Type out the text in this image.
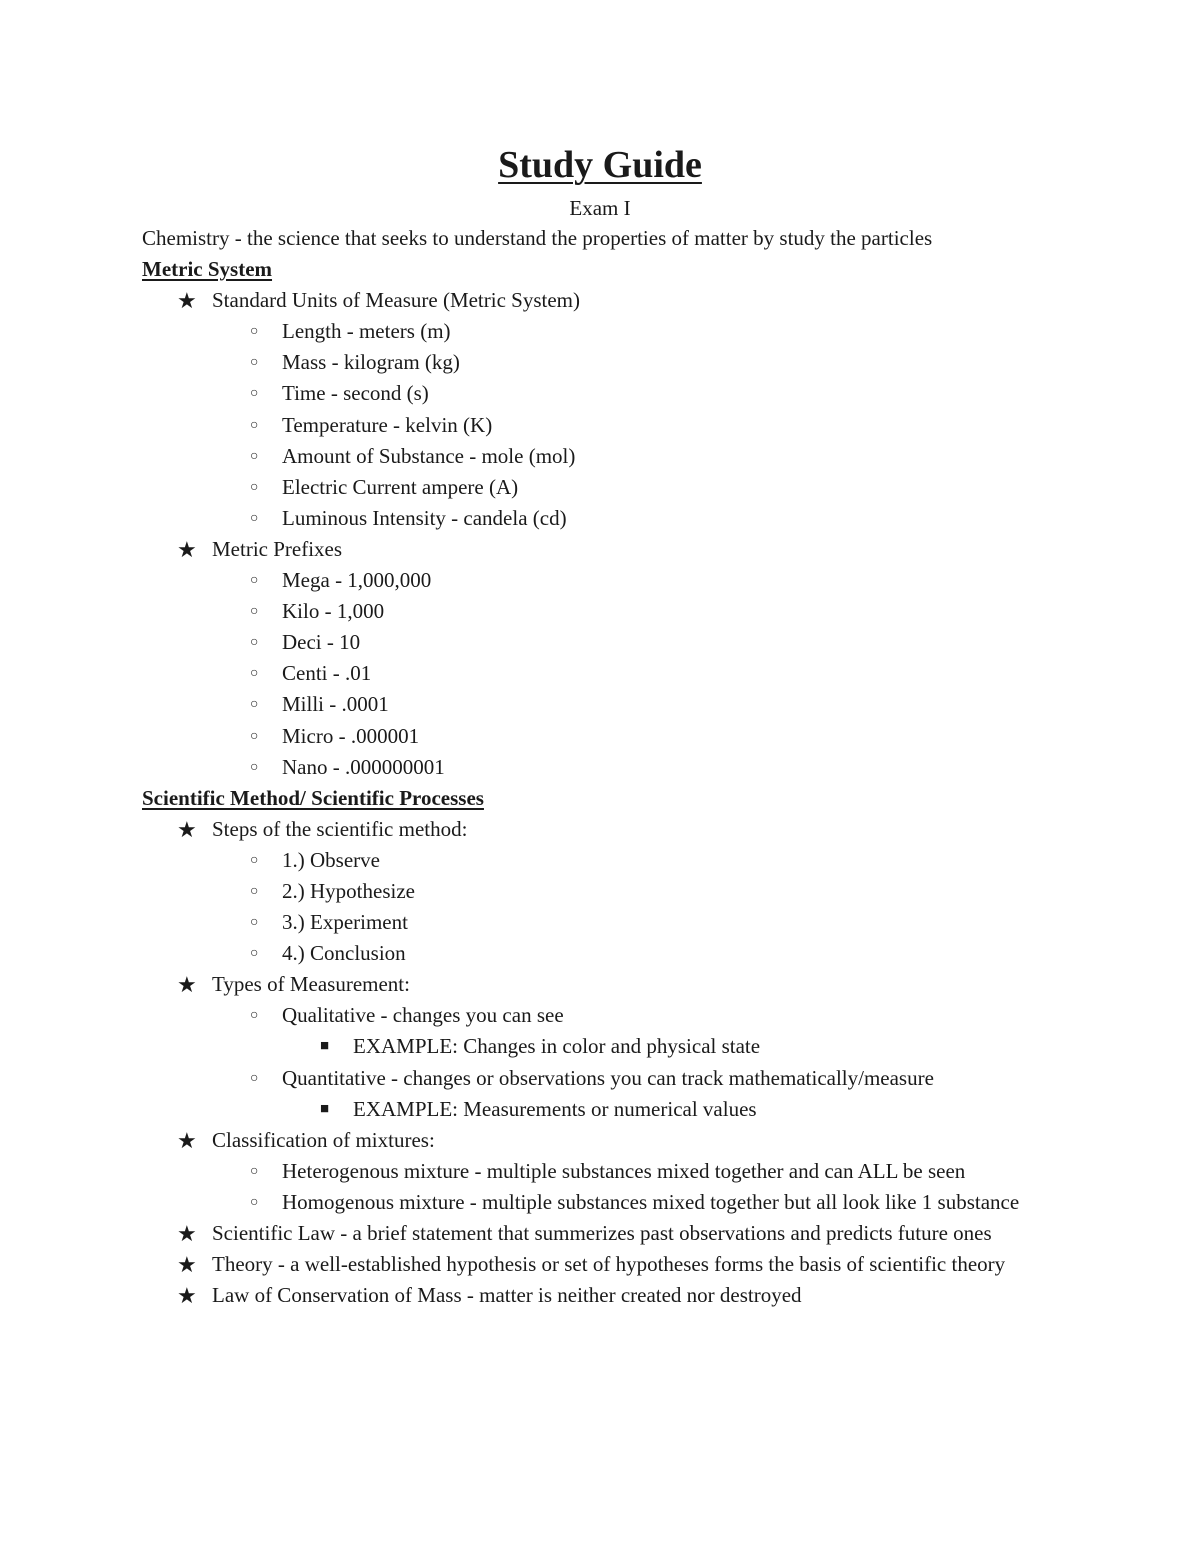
Study Guide
Exam I
Chemistry - the science that seeks to understand the properties of matter by study the particles
Metric System
★ Standard Units of Measure (Metric System)
○ Length - meters (m)
○ Mass - kilogram (kg)
○ Time - second (s)
○ Temperature - kelvin (K)
○ Amount of Substance - mole (mol)
○ Electric Current ampere (A)
○ Luminous Intensity - candela (cd)
★ Metric Prefixes
○ Mega - 1,000,000
○ Kilo - 1,000
○ Deci - 10
○ Centi - .01
○ Milli - .0001
○ Micro - .000001
○ Nano - .000000001
Scientific Method/ Scientific Processes
★ Steps of the scientific method:
○ 1.) Observe
○ 2.) Hypothesize
○ 3.) Experiment
○ 4.) Conclusion
★ Types of Measurement:
○ Qualitative - changes you can see
■ EXAMPLE: Changes in color and physical state
○ Quantitative - changes or observations you can track mathematically/measure
■ EXAMPLE: Measurements or numerical values
★ Classification of mixtures:
○ Heterogenous mixture - multiple substances mixed together and can ALL be seen
○ Homogenous mixture - multiple substances mixed together but all look like 1 substance
★ Scientific Law - a brief statement that summerizes past observations and predicts future ones
★ Theory - a well-established hypothesis or set of hypotheses forms the basis of scientific theory
★ Law of Conservation of Mass - matter is neither created nor destroyed
